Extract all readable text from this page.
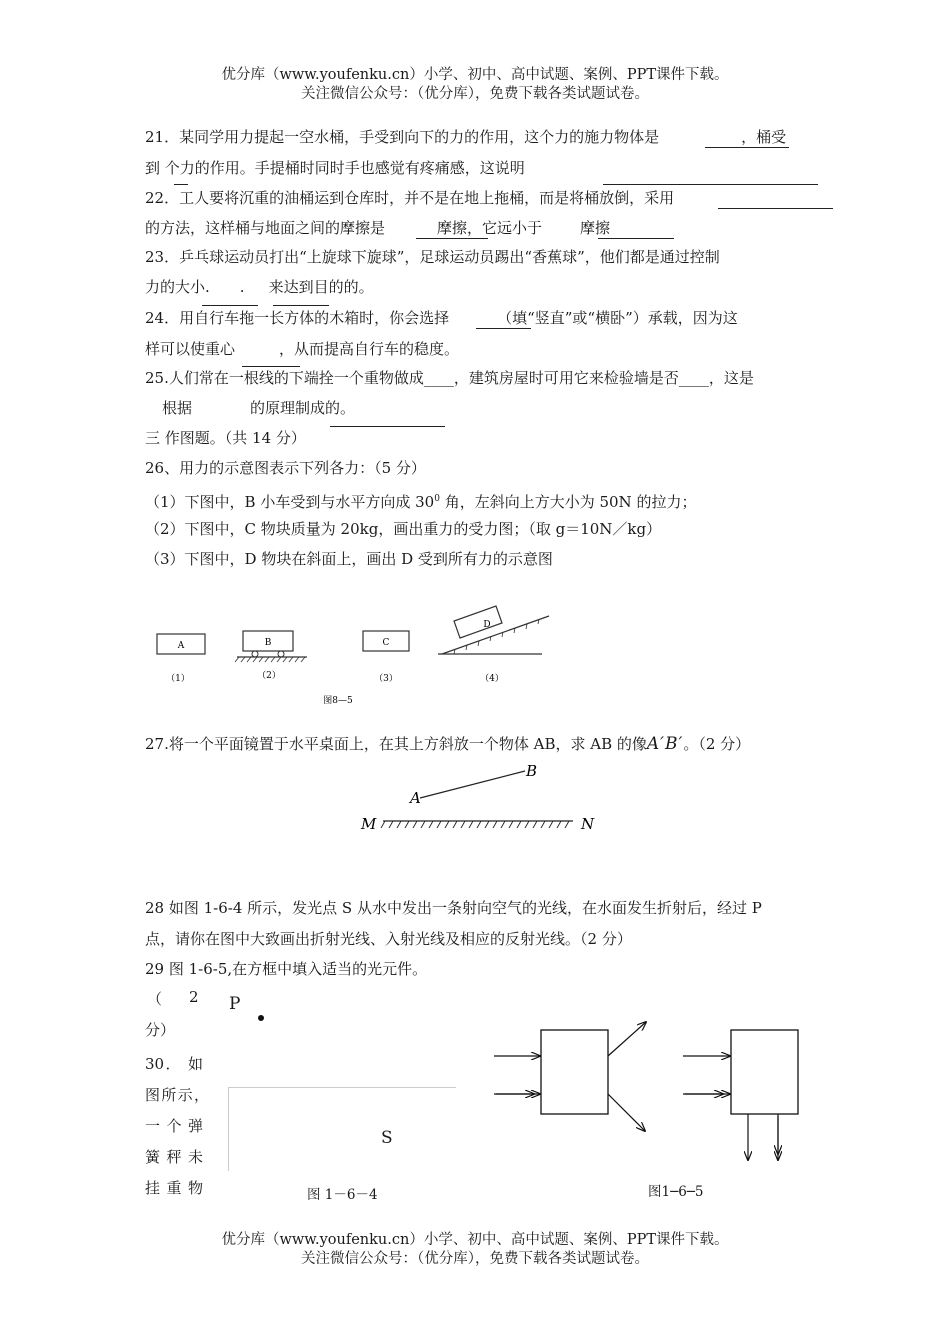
优分库（www.youfenku.cn）小学、初中、高中试题、案例、PPT课件下载。
关注微信公众号：（优分库），免费下载各类试题试卷。
21．某同学用力提起一空水桶，手受到向下的力的作用，这个力的施力物体是	，桶受
到 个力的作用。手提桶时同时手也感觉有疼痛感，这说明
22．工人要将沉重的油桶运到仓库时，并不是在地上拖桶，而是将桶放倒，采用
的方法，这样桶与地面之间的摩擦是	摩擦，它远小于	摩擦
23．乒乓球运动员打出“上旋球下旋球”，足球运动员踢出“香蕉球”，他们都是通过控制
力的大小. . 来达到目的的。
24．用自行车拖一长方体的木箱时，你会选择	（填“竖直”或“横卧”）承载，因为这
样可以使重心	，从而提高自行车的稳度。
25.人们常在一根线的下端拴一个重物做成____，建筑房屋时可用它来检验墙是否____，这是
根据	的原理制成的。
三 作图题。（共 14 分）
26、用力的示意图表示下列各力：（5 分）
（1）下图中，B 小车受到与水平方向成 $30^0$ 角，左斜向上方大小为 50N 的拉力；
（2）下图中，C 物块质量为 20kg，画出重力的受力图；（取 g＝10N／kg）
（3）下图中，D 物块在斜面上，画出 D 受到所有力的示意图
A	B	C
D
（1）	（2）	（3）	（4）
图8—5
27.将一个平面镜置于水平桌面上，在其上方斜放一个物体 AB，求 AB 的像A′B′。（2 分）
A
B
M	N
28 如图 1-6-4 所示，发光点 S 从水中发出一条射向空气的光线，在水面发生折射后，经过 P
点，请你在图中大致画出折射光线、入射光线及相应的反射光线。（2 分）
29 图 1-6-5,在方框中填入适当的光元件。
（ 2
分）
30． 如
图所示，
一个弹
簧秤未
挂重物
P
S
图 1－6－4	图1─6─5
优分库（www.youfenku.cn）小学、初中、高中试题、案例、PPT课件下载。
关注微信公众号：（优分库），免费下载各类试题试卷。
